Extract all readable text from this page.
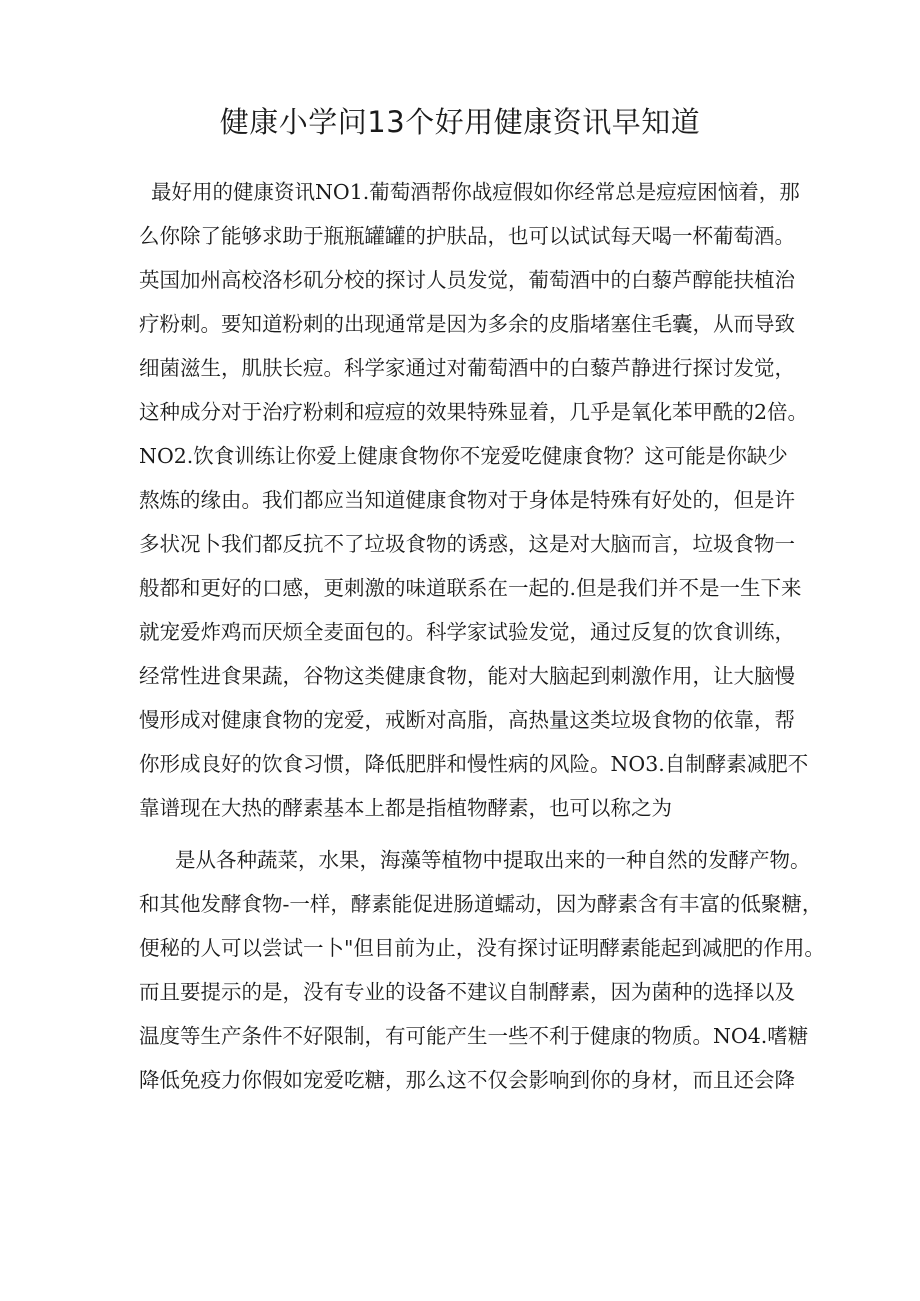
健康小学问13个好用健康资讯早知道
最好用的健康资讯NO1.葡萄酒帮你战痘假如你经常总是痘痘困恼着，那
么你除了能够求助于瓶瓶罐罐的护肤品，也可以试试每天喝一杯葡萄酒。
英国加州高校洛杉矶分校的探讨人员发觉，葡萄酒中的白藜芦醇能扶植治
疗粉刺。要知道粉刺的出现通常是因为多余的皮脂堵塞住毛囊，从而导致
细菌滋生，肌肤长痘。科学家通过对葡萄酒中的白藜芦静进行探讨发觉，
这种成分对于治疗粉刺和痘痘的效果特殊显着，几乎是氧化苯甲酰的2倍。
NO2.饮食训练让你爱上健康食物你不宠爱吃健康食物？这可能是你缺少
熬炼的缘由。我们都应当知道健康食物对于身体是特殊有好处的，但是许
多状况卜我们都反抗不了垃圾食物的诱惑，这是对大脑而言，垃圾食物一
般都和更好的口感，更刺激的味道联系在一起的.但是我们并不是一生下来
就宠爱炸鸡而厌烦全麦面包的。科学家试验发觉，通过反复的饮食训练，
经常性进食果蔬，谷物这类健康食物，能对大脑起到刺激作用，让大脑慢
慢形成对健康食物的宠爱，戒断对高脂，高热量这类垃圾食物的依靠，帮
你形成良好的饮食习惯，降低肥胖和慢性病的风险。NO3.自制酵素减肥不
靠谱现在大热的酵素基本上都是指植物酵素，也可以称之为
是从各种蔬菜，水果，海藻等植物中提取出来的一种自然的发酵产物。
和其他发酵食物-一样，酵素能促进肠道蠕动，因为酵素含有丰富的低聚糖，
便秘的人可以尝试一卜"但目前为止，没有探讨证明酵素能起到减肥的作用。
而且要提示的是，没有专业的设备不建议自制酵素，因为菌种的选择以及
温度等生产条件不好限制，有可能产生一些不利于健康的物质。NO4.嗜糖
降低免疫力你假如宠爱吃糖，那么这不仅会影响到你的身材，而且还会降
